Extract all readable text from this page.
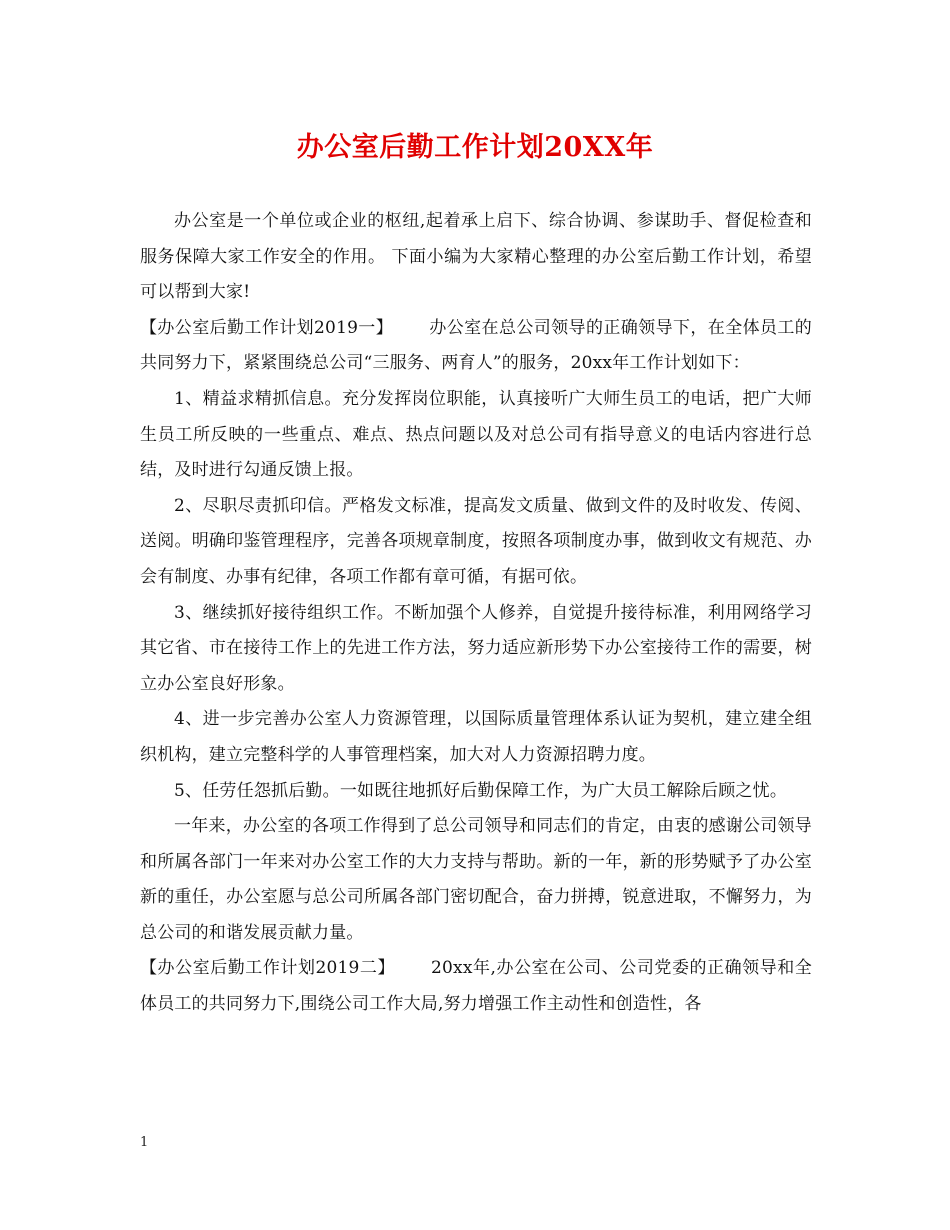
办公室后勤工作计划20XX年

办公室是一个单位或企业的枢纽,起着承上启下、综合协调、参谋助手、督促检查和服务保障大家工作安全的作用。 下面小编为大家精心整理的办公室后勤工作计划，希望可以帮到大家!

【办公室后勤工作计划2019一】 办公室在总公司领导的正确领导下，在全体员工的共同努力下，紧紧围绕总公司“三服务、两育人”的服务，20xx年工作计划如下：

1、精益求精抓信息。充分发挥岗位职能，认真接听广大师生员工的电话，把广大师生员工所反映的一些重点、难点、热点问题以及对总公司有指导意义的电话内容进行总结，及时进行勾通反馈上报。

2、尽职尽责抓印信。严格发文标准，提高发文质量、做到文件的及时收发、传阅、送阅。明确印鉴管理程序，完善各项规章制度，按照各项制度办事，做到收文有规范、办会有制度、办事有纪律，各项工作都有章可循，有据可依。

3、继续抓好接待组织工作。不断加强个人修养，自觉提升接待标准，利用网络学习其它省、市在接待工作上的先进工作方法，努力适应新形势下办公室接待工作的需要，树立办公室良好形象。

4、进一步完善办公室人力资源管理，以国际质量管理体系认证为契机，建立建全组织机构，建立完整科学的人事管理档案，加大对人力资源招聘力度。

5、任劳任怨抓后勤。一如既往地抓好后勤保障工作，为广大员工解除后顾之忧。

一年来，办公室的各项工作得到了总公司领导和同志们的肯定，由衷的感谢公司领导和所属各部门一年来对办公室工作的大力支持与帮助。新的一年，新的形势赋予了办公室新的重任，办公室愿与总公司所属各部门密切配合，奋力拼搏，锐意进取，不懈努力，为总公司的和谐发展贡献力量。

【办公室后勤工作计划2019二】 20xx年,办公室在公司、公司党委的正确领导和全体员工的共同努力下,围绕公司工作大局,努力增强工作主动性和创造性，各

1
